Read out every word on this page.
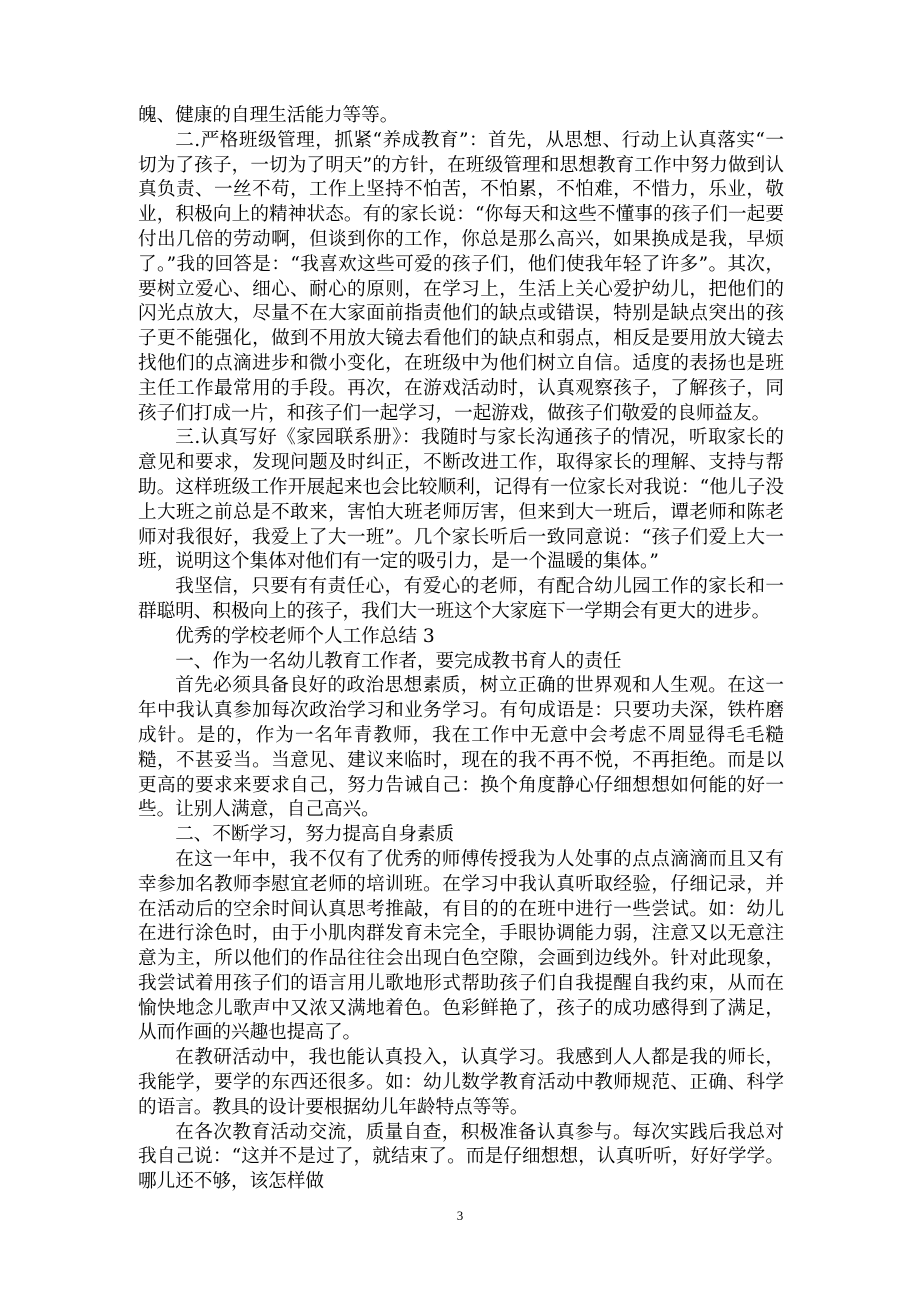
魄、健康的自理生活能力等等。

二.严格班级管理，抓紧“养成教育”：首先，从思想、行动上认真落实“一切为了孩子，一切为了明天”的方针，在班级管理和思想教育工作中努力做到认真负责、一丝不苟，工作上坚持不怕苦，不怕累，不怕难，不惜力，乐业，敬业，积极向上的精神状态。有的家长说：“你每天和这些不懂事的孩子们一起要付出几倍的劳动啊，但谈到你的工作，你总是那么高兴，如果换成是我，早烦了。”我的回答是：“我喜欢这些可爱的孩子们，他们使我年轻了许多”。其次，要树立爱心、细心、耐心的原则，在学习上，生活上关心爱护幼儿，把他们的闪光点放大，尽量不在大家面前指责他们的缺点或错误，特别是缺点突出的孩子更不能强化，做到不用放大镜去看他们的缺点和弱点，相反是要用放大镜去找他们的点滴进步和微小变化，在班级中为他们树立自信。适度的表扬也是班主任工作最常用的手段。再次，在游戏活动时，认真观察孩子，了解孩子，同孩子们打成一片，和孩子们一起学习，一起游戏，做孩子们敬爱的良师益友。

三.认真写好《家园联系册》：我随时与家长沟通孩子的情况，听取家长的意见和要求，发现问题及时纠正，不断改进工作，取得家长的理解、支持与帮助。这样班级工作开展起来也会比较顺利，记得有一位家长对我说：“他儿子没上大班之前总是不敢来，害怕大班老师厉害，但来到大一班后，谭老师和陈老师对我很好，我爱上了大一班”。几个家长听后一致同意说：“孩子们爱上大一班，说明这个集体对他们有一定的吸引力，是一个温暖的集体。”

我坚信，只要有有责任心，有爱心的老师，有配合幼儿园工作的家长和一群聪明、积极向上的孩子，我们大一班这个大家庭下一学期会有更大的进步。

优秀的学校老师个人工作总结 3

一、作为一名幼儿教育工作者，要完成教书育人的责任

首先必须具备良好的政治思想素质，树立正确的世界观和人生观。在这一年中我认真参加每次政治学习和业务学习。有句成语是：只要功夫深，铁杵磨成针。是的，作为一名年青教师，我在工作中无意中会考虑不周显得毛毛糙糙，不甚妥当。当意见、建议来临时，现在的我不再不悦，不再拒绝。而是以更高的要求来要求自己，努力告诫自己：换个角度静心仔细想想如何能的好一些。让别人满意，自己高兴。

二、不断学习，努力提高自身素质

在这一年中，我不仅有了优秀的师傅传授我为人处事的点点滴滴而且又有幸参加名教师李慰宜老师的培训班。在学习中我认真听取经验，仔细记录，并在活动后的空余时间认真思考推敲，有目的的在班中进行一些尝试。如：幼儿在进行涂色时，由于小肌肉群发育未完全，手眼协调能力弱，注意又以无意注意为主，所以他们的作品往往会出现白色空隙，会画到边线外。针对此现象，我尝试着用孩子们的语言用儿歌地形式帮助孩子们自我提醒自我约束，从而在愉快地念儿歌声中又浓又满地着色。色彩鲜艳了，孩子的成功感得到了满足，从而作画的兴趣也提高了。

在教研活动中，我也能认真投入，认真学习。我感到人人都是我的师长，我能学，要学的东西还很多。如：幼儿数学教育活动中教师规范、正确、科学的语言。教具的设计要根据幼儿年龄特点等等。

在各次教育活动交流，质量自查，积极准备认真参与。每次实践后我总对我自己说：“这并不是过了，就结束了。而是仔细想想，认真听听，好好学学。哪儿还不够，该怎样做

3
